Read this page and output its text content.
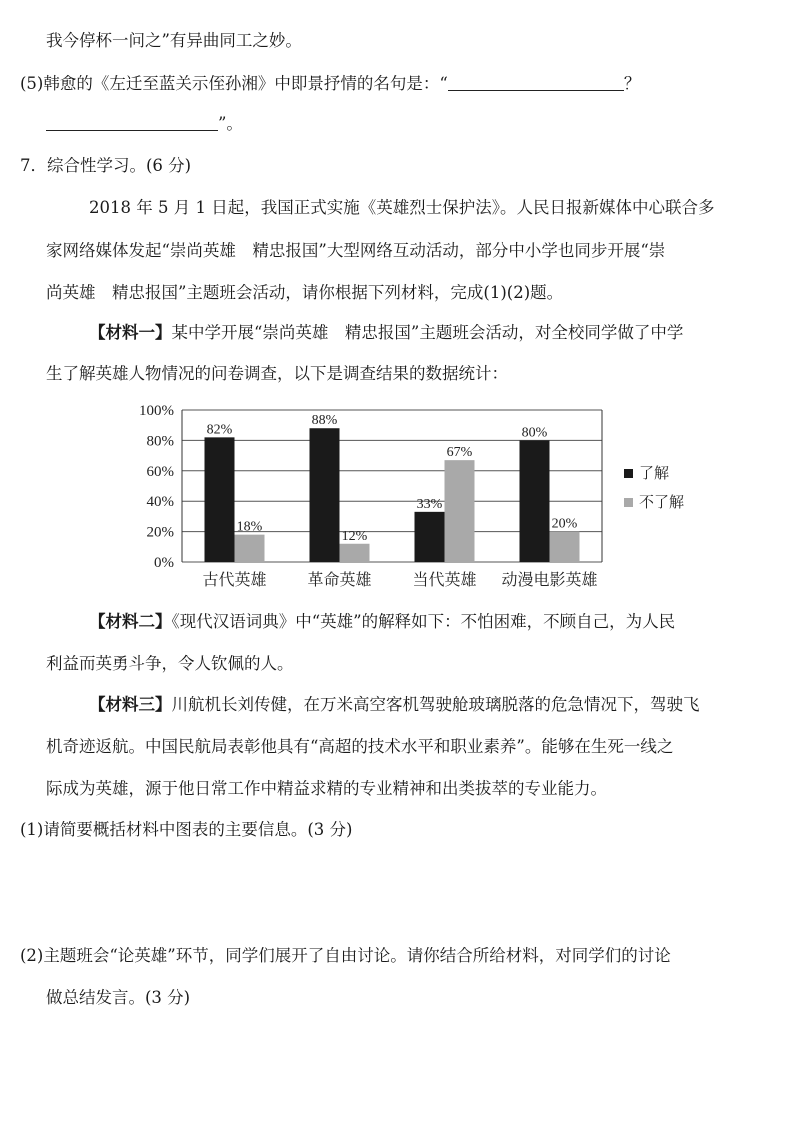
我今停杯一问之”有异曲同工之妙。
(5)韩愈的《左迁至蓝关示侄孙湘》中即景抒情的名句是：“	？
”。
7．综合性学习。(6 分)
2018 年 5 月 1 日起，我国正式实施《英雄烈士保护法》。人民日报新媒体中心联合多
家网络媒体发起“崇尚英雄　精忠报国”大型网络互动活动，部分中小学也同步开展“崇
尚英雄　精忠报国”主题班会活动，请你根据下列材料，完成(1)(2)题。
【材料一】某中学开展“崇尚英雄　精忠报国”主题班会活动，对全校同学做了中学
生了解英雄人物情况的问卷调查，以下是调查结果的数据统计：
0%
20%
40%
60%
80%
100%
82%
18%
88%
12%
33%
67%
80%
20%
古代英雄	革命英雄	当代英雄 动漫电影英雄
了解
不了解
【材料二】《现代汉语词典》中“英雄”的解释如下：不怕困难，不顾自己，为人民
利益而英勇斗争，令人钦佩的人。
【材料三】川航机长刘传健，在万米高空客机驾驶舱玻璃脱落的危急情况下，驾驶飞
机奇迹返航。中国民航局表彰他具有“高超的技术水平和职业素养”。能够在生死一线之
际成为英雄，源于他日常工作中精益求精的专业精神和出类拔萃的专业能力。
(1)请简要概括材料中图表的主要信息。(3 分)
(2)主题班会“论英雄”环节，同学们展开了自由讨论。请你结合所给材料，对同学们的讨论
做总结发言。(3 分)
